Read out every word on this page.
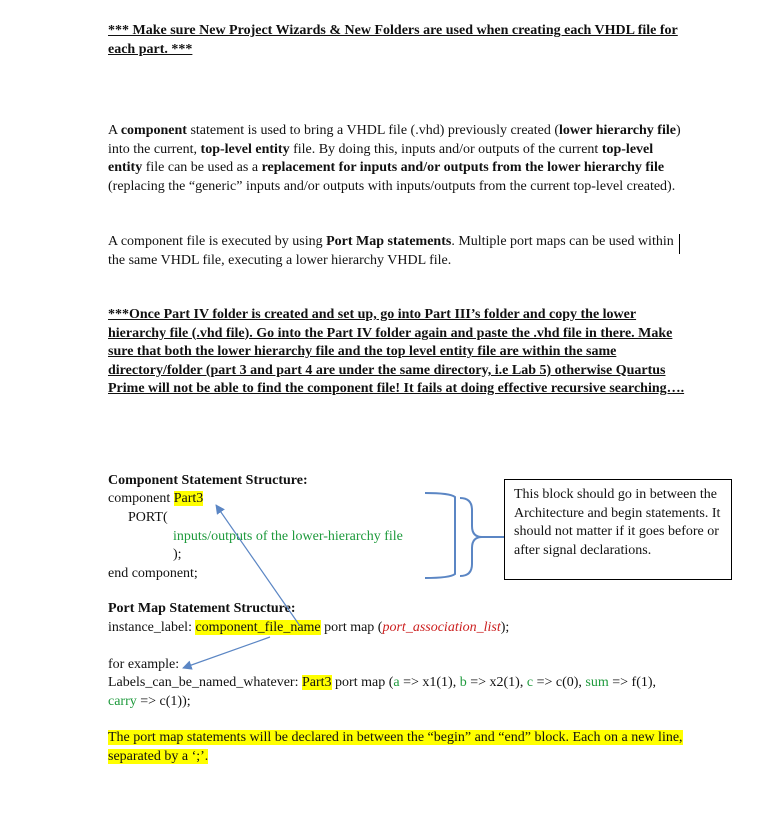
*** Make sure New Project Wizards & New Folders are used when creating each VHDL file for each part. ***

A component statement is used to bring a VHDL file (.vhd) previously created (lower hierarchy file) into the current, top-level entity file. By doing this, inputs and/or outputs of the current top-level entity file can be used as a replacement for inputs and/or outputs from the lower hierarchy file (replacing the “generic” inputs and/or outputs with inputs/outputs from the current top-level created).

A component file is executed by using Port Map statements. Multiple port maps can be used within the same VHDL file, executing a lower hierarchy VHDL file.

***Once Part IV folder is created and set up, go into Part III’s folder and copy the lower hierarchy file (.vhd file). Go into the Part IV folder again and paste the .vhd file in there. Make sure that both the lower hierarchy file and the top level entity file are within the same directory/folder (part 3 and part 4 are under the same directory, i.e Lab 5) otherwise Quartus Prime will not be able to find the component file! It fails at doing effective recursive searching….

Component Statement Structure:
component Part3
PORT(
inputs/outputs of the lower-hierarchy file
);
end component;
This block should go in between the Architecture and begin statements. It should not matter if it goes before or after signal declarations.
Port Map Statement Structure:
instance_label: component_file_name port map (port_association_list);
for example:

Labels_can_be_named_whatever: Part3 port map (a => x1(1), b => x2(1), c => c(0), sum => f(1), carry => c(1));

The port map statements will be declared in between the “begin” and “end” block. Each on a new line, separated by a ‘;’.
